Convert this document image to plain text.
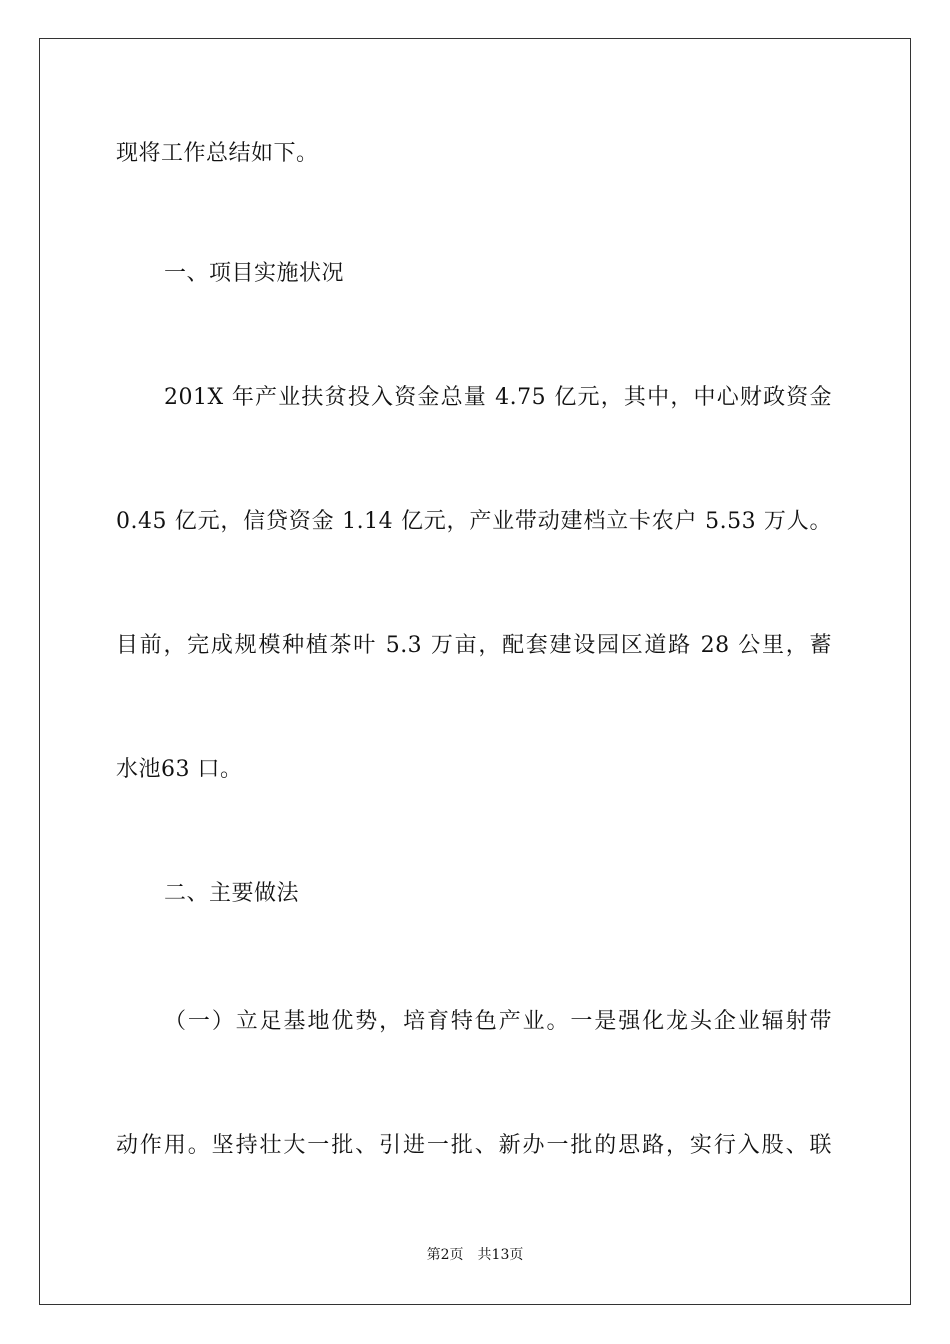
现将工作总结如下。
一、项目实施状况
201X 年产业扶贫投入资金总量 4.75 亿元，其中，中心财政资金
0.45 亿元，信贷资金 1.14 亿元，产业带动建档立卡农户 5.53 万人。
目前，完成规模种植茶叶 5.3 万亩，配套建设园区道路 28 公里，蓄
水池63 口。
二、主要做法
（一）立足基地优势，培育特色产业。一是强化龙头企业辐射带
动作用。坚持壮大一批、引进一批、新办一批的思路，实行入股、联
第2页 共13页
